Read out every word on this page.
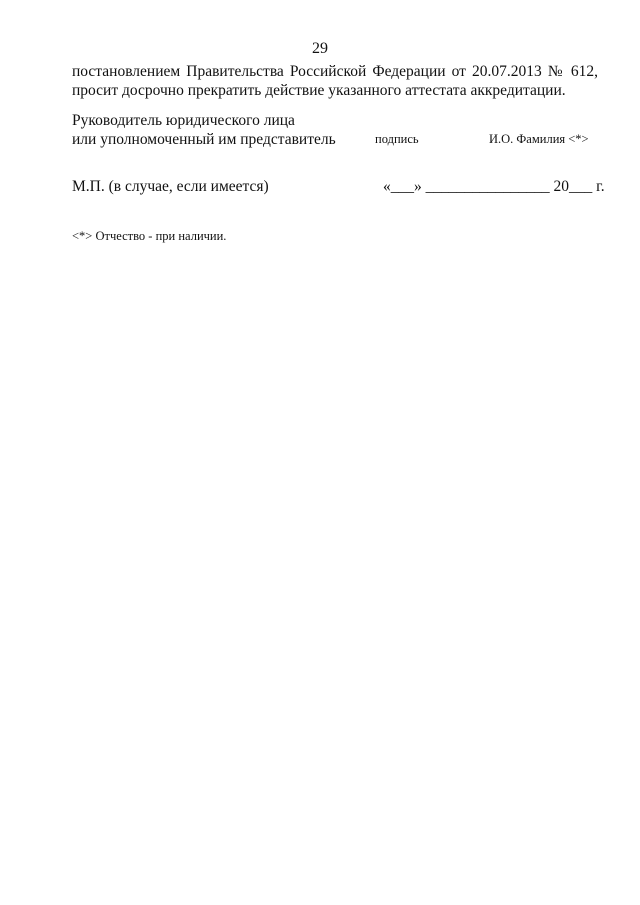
29
постановлением Правительства Российской Федерации от 20.07.2013 № 612,
просит досрочно прекратить действие указанного аттестата аккредитации.
Руководитель юридического лица
или уполномоченный им представитель	подпись	И.О. Фамилия <*>
М.П. (в случае, если имеется)	«___» ________________ 20___ г.
<*> Отчество - при наличии.
